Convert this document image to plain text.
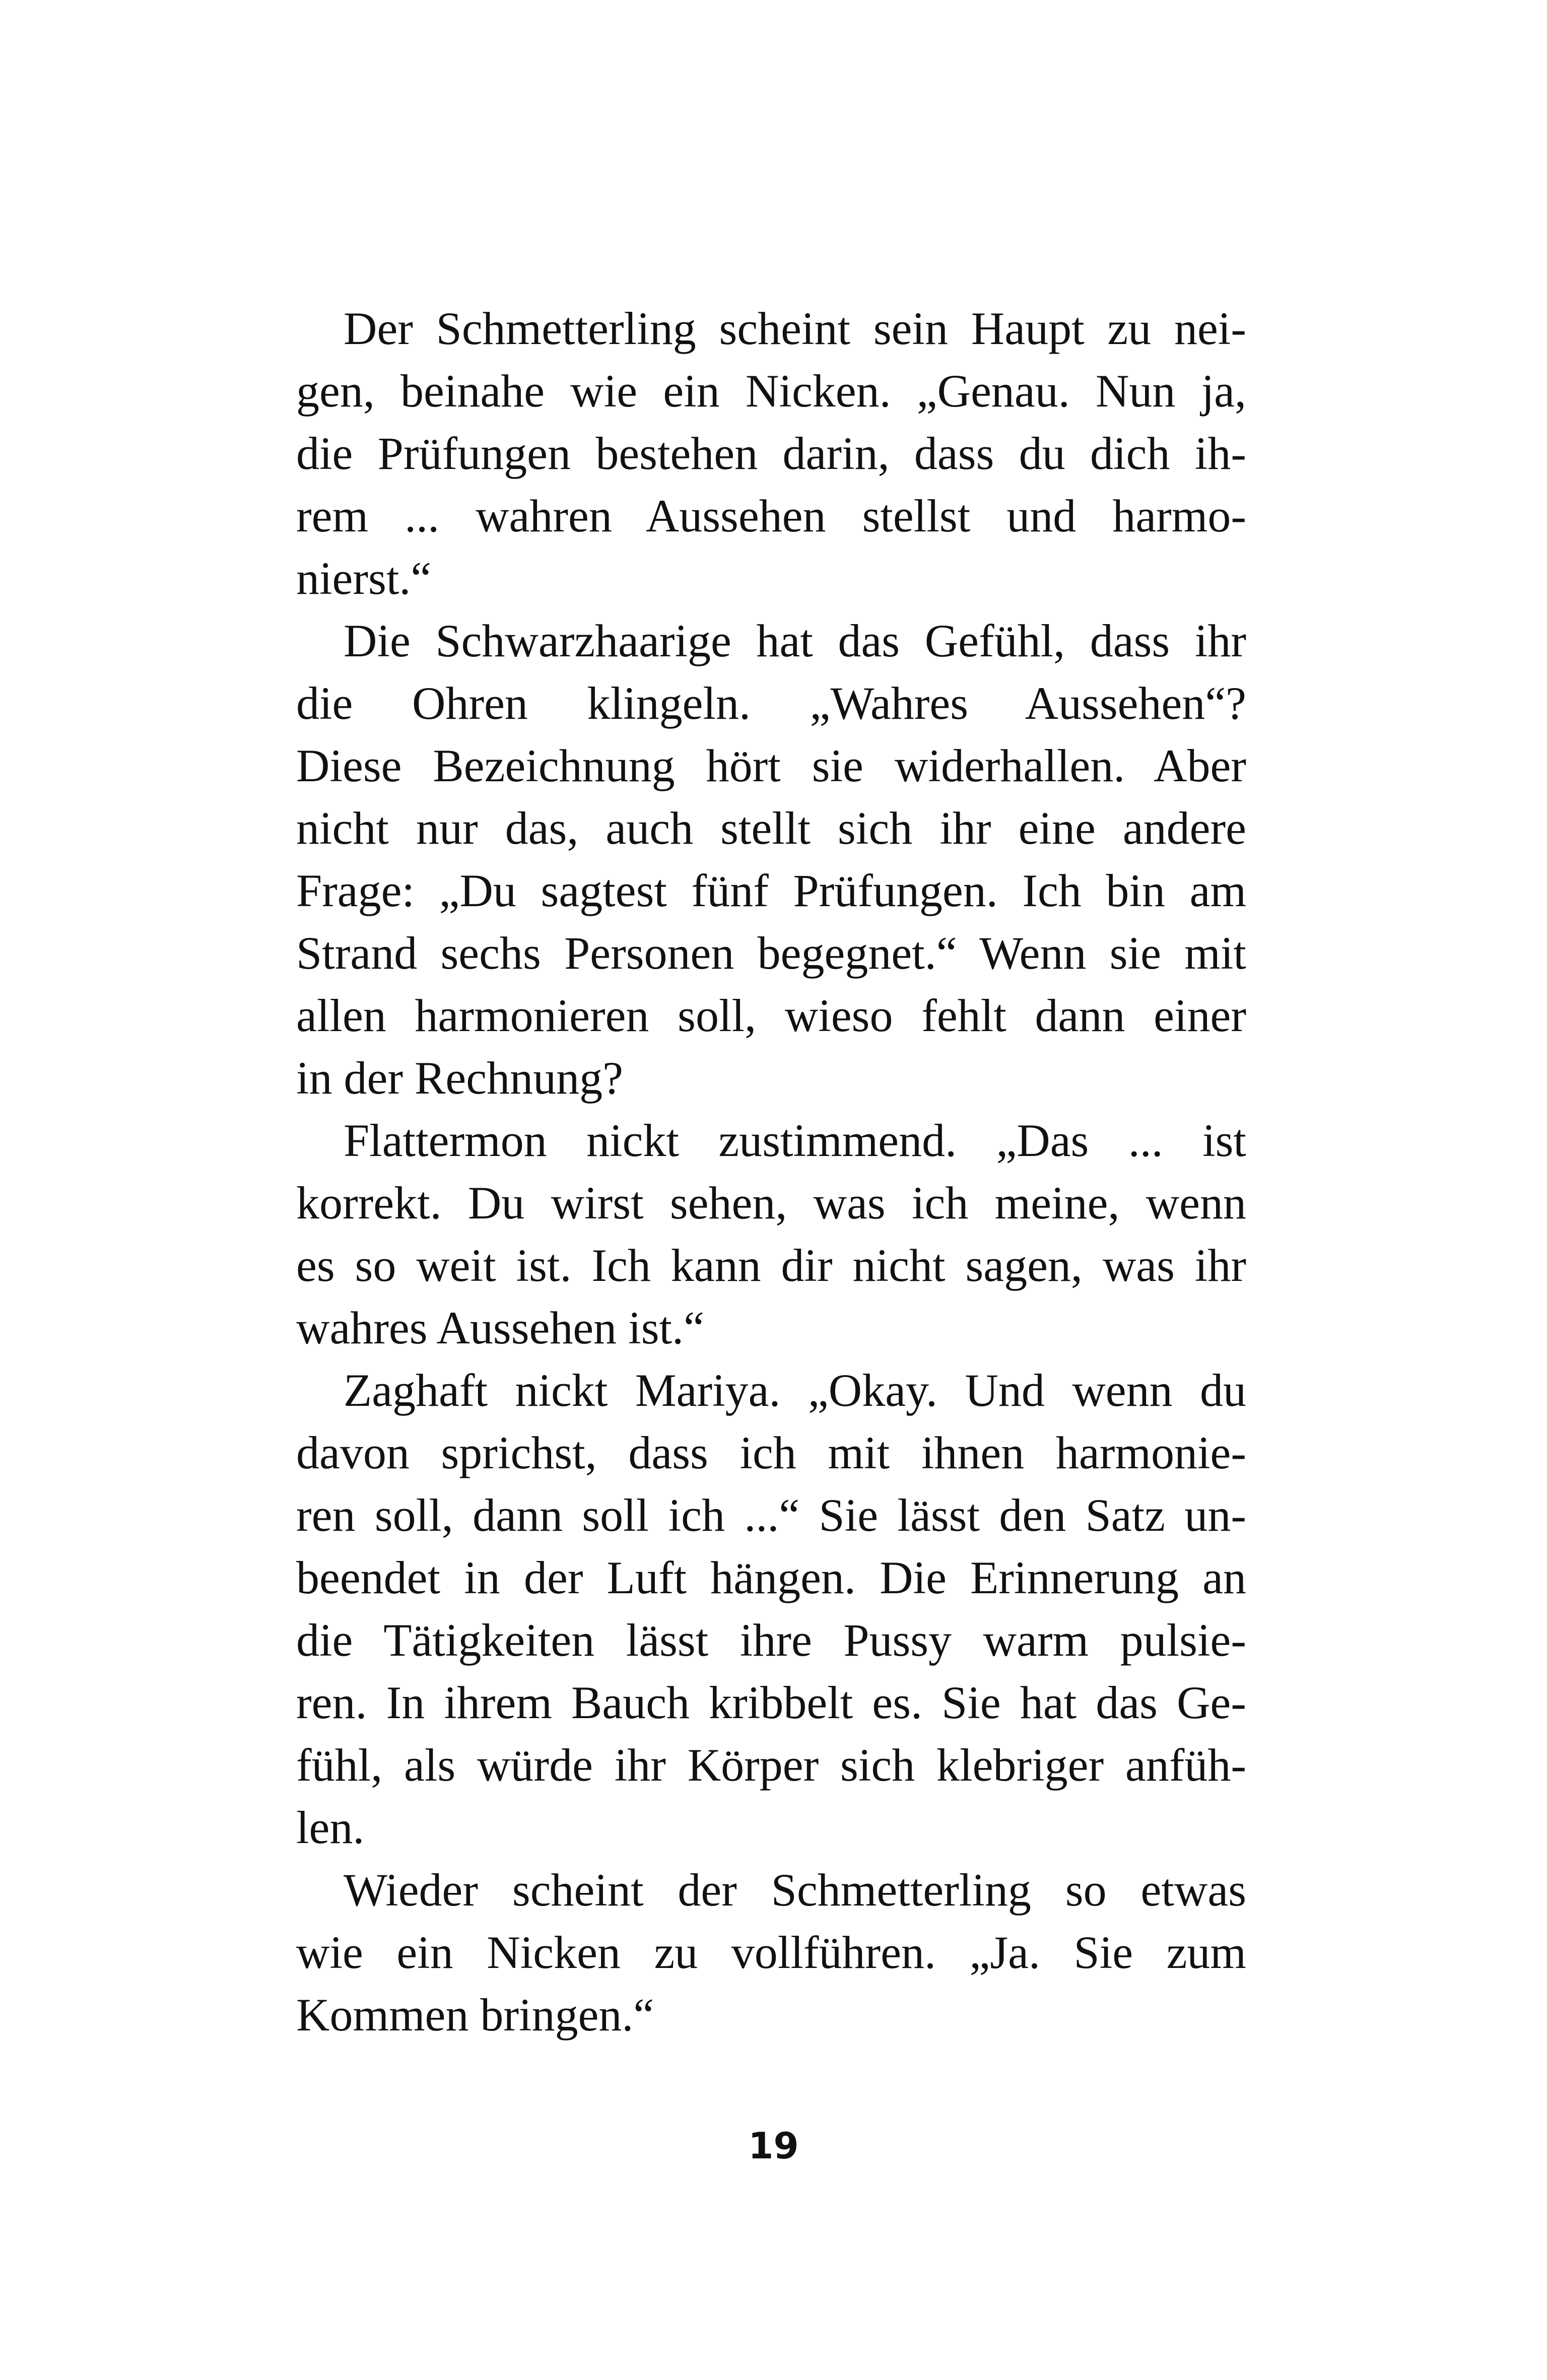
Der Schmetterling scheint sein Haupt zu nei-
gen, beinahe wie ein Nicken. „Genau. Nun ja,
die Prüfungen bestehen darin, dass du dich ih-
rem ... wahren Aussehen stellst und harmo-
nierst.“
Die Schwarzhaarige hat das Gefühl, dass ihr
die Ohren klingeln. „Wahres Aussehen“?
Diese Bezeichnung hört sie widerhallen. Aber
nicht nur das, auch stellt sich ihr eine andere
Frage: „Du sagtest fünf Prüfungen. Ich bin am
Strand sechs Personen begegnet.“ Wenn sie mit
allen harmonieren soll, wieso fehlt dann einer
in der Rechnung?
Flattermon nickt zustimmend. „Das ... ist
korrekt. Du wirst sehen, was ich meine, wenn
es so weit ist. Ich kann dir nicht sagen, was ihr
wahres Aussehen ist.“
Zaghaft nickt Mariya. „Okay. Und wenn du
davon sprichst, dass ich mit ihnen harmonie-
ren soll, dann soll ich ...“ Sie lässt den Satz un-
beendet in der Luft hängen. Die Erinnerung an
die Tätigkeiten lässt ihre Pussy warm pulsie-
ren. In ihrem Bauch kribbelt es. Sie hat das Ge-
fühl, als würde ihr Körper sich klebriger anfüh-
len.
Wieder scheint der Schmetterling so etwas
wie ein Nicken zu vollführen. „Ja. Sie zum
Kommen bringen.“
19
